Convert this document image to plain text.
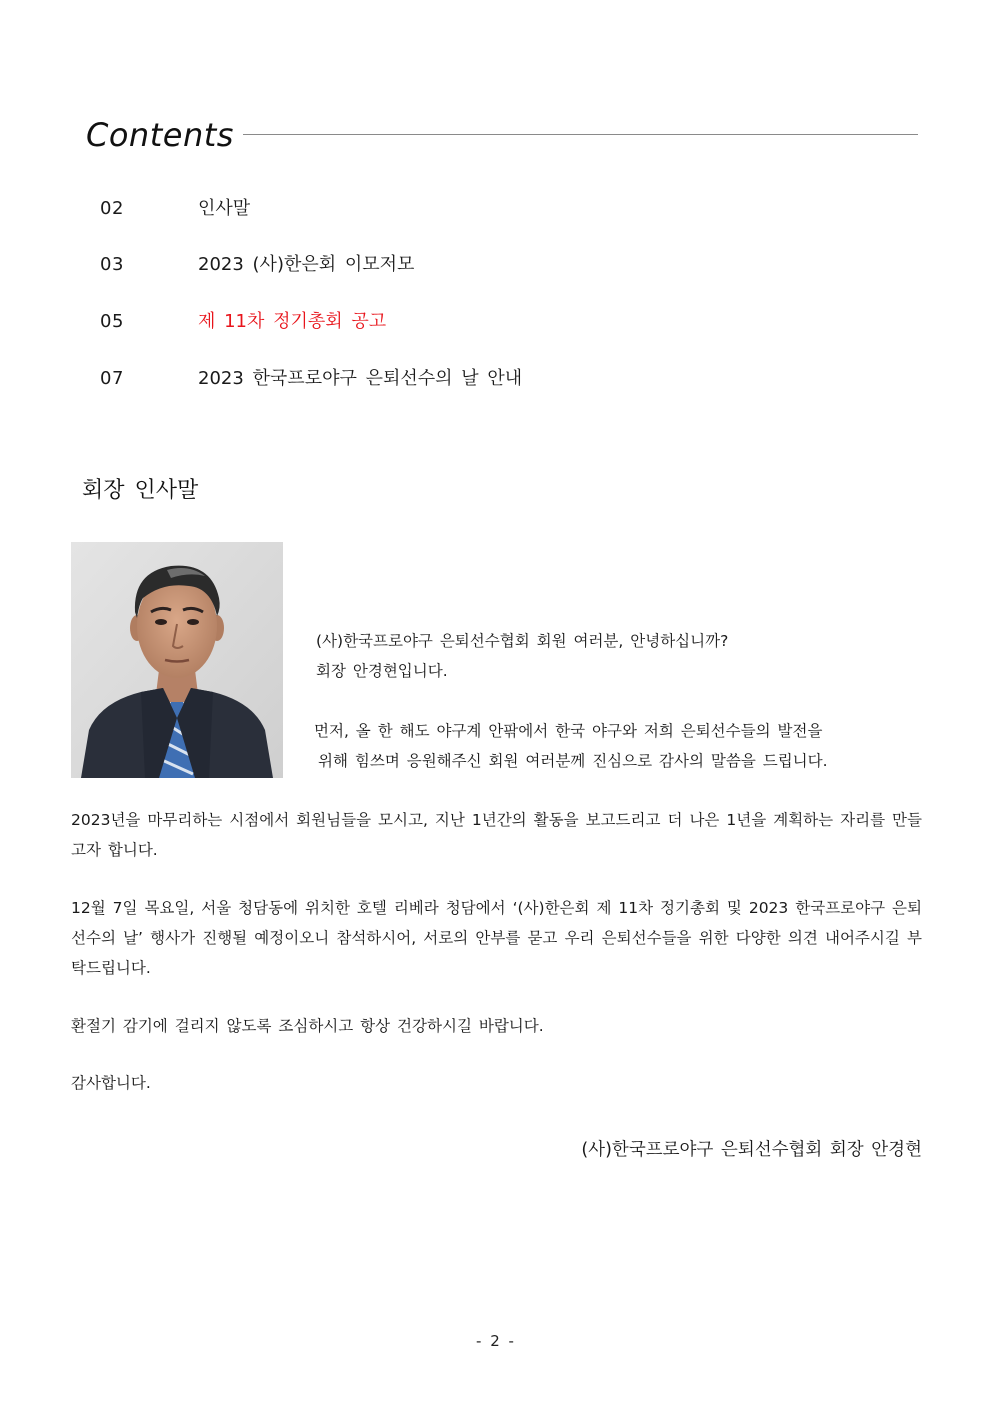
Contents
02	인사말
03	2023 (사)한은회 이모저모
05	제 11차 정기총회 공고
07	2023 한국프로야구 은퇴선수의 날 안내
회장 인사말
(사)한국프로야구 은퇴선수협회 회원 여러분, 안녕하십니까?
회장 안경현입니다.
먼저, 올 한 해도 야구계 안팎에서 한국 야구와 저희 은퇴선수들의 발전을
위해 힘쓰며 응원해주신 회원 여러분께 진심으로 감사의 말씀을 드립니다.
2023년을 마무리하는 시점에서 회원님들을 모시고, 지난 1년간의 활동을 보고드리고 더 나은 1년을 계획하는 자리를 만들고자 합니다.
12월 7일 목요일, 서울 청담동에 위치한 호텔 리베라 청담에서 ‘(사)한은회 제 11차 정기총회 및 2023 한국프로야구 은퇴선수의 날’ 행사가 진행될 예정이오니 참석하시어, 서로의 안부를 묻고 우리 은퇴선수들을 위한 다양한 의견 내어주시길 부탁드립니다.
환절기 감기에 걸리지 않도록 조심하시고 항상 건강하시길 바랍니다.
감사합니다.
(사)한국프로야구 은퇴선수협회 회장 안경현
- 2 -
